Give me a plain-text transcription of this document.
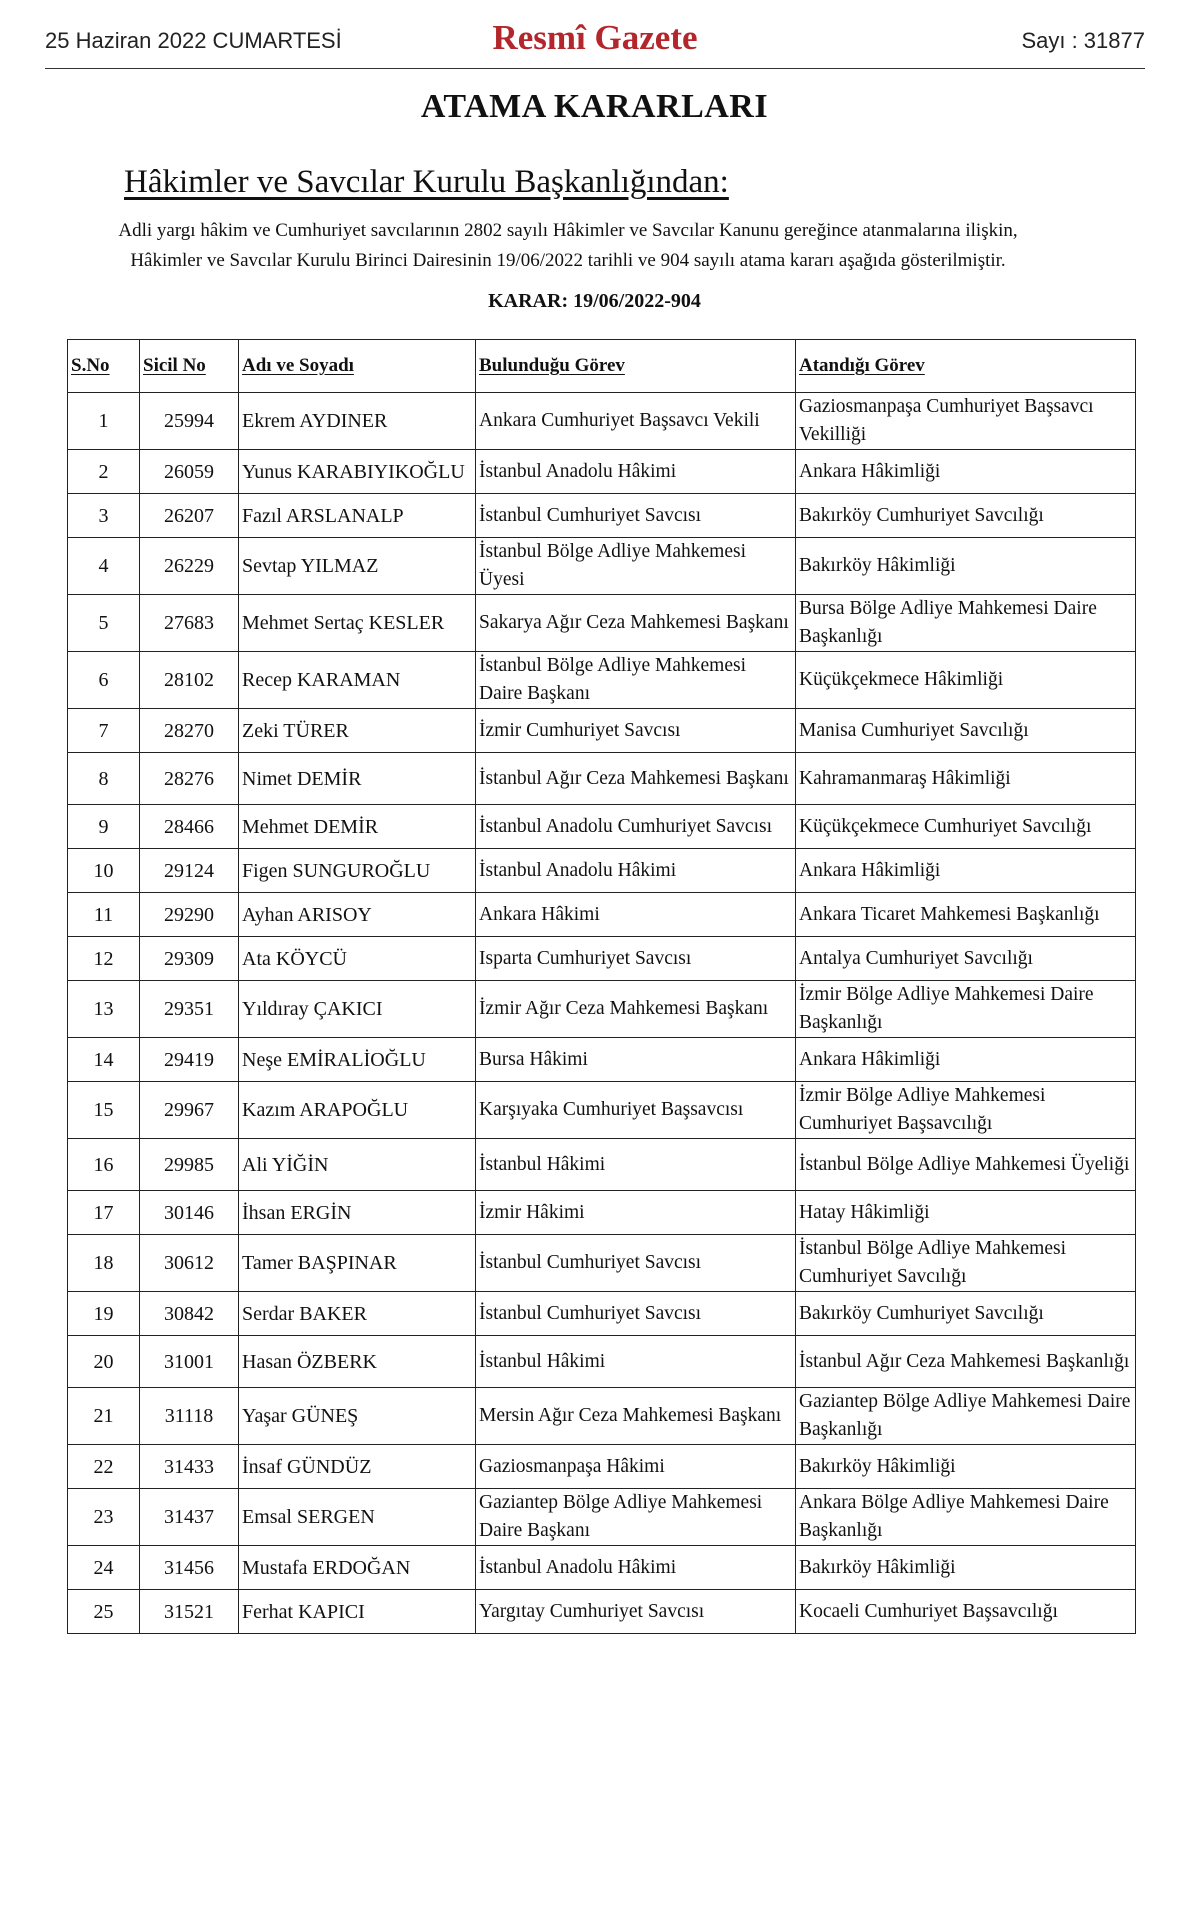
25 Haziran 2022 CUMARTESİ	Resmî Gazete	Sayı : 31877
ATAMA KARARLARI
Hâkimler ve Savcılar Kurulu Başkanlığından:
Adli yargı hâkim ve Cumhuriyet savcılarının 2802 sayılı Hâkimler ve Savcılar Kanunu gereğince atanmalarına ilişkin,
Hâkimler ve Savcılar Kurulu Birinci Dairesinin 19/06/2022 tarihli ve 904 sayılı atama kararı aşağıda gösterilmiştir.
KARAR: 19/06/2022-904
S.No	Sicil No	Adı ve Soyadı	Bulunduğu Görev	Atandığı Görev
1	25994	Ekrem AYDINER	Ankara Cumhuriyet Başsavcı Vekili	Gaziosmanpaşa Cumhuriyet Başsavcı Vekilliği
2	26059	Yunus KARABIYIKOĞLU	İstanbul Anadolu Hâkimi	Ankara Hâkimliği
3	26207	Fazıl ARSLANALP	İstanbul Cumhuriyet Savcısı	Bakırköy Cumhuriyet Savcılığı
4	26229	Sevtap YILMAZ	İstanbul Bölge Adliye Mahkemesi Üyesi	Bakırköy Hâkimliği
5	27683	Mehmet Sertaç KESLER	Sakarya Ağır Ceza Mahkemesi Başkanı	Bursa Bölge Adliye Mahkemesi Daire Başkanlığı
6	28102	Recep KARAMAN	İstanbul Bölge Adliye Mahkemesi Daire Başkanı	Küçükçekmece Hâkimliği
7	28270	Zeki TÜRER	İzmir Cumhuriyet Savcısı	Manisa Cumhuriyet Savcılığı
8	28276	Nimet DEMİR	İstanbul Ağır Ceza Mahkemesi Başkanı	Kahramanmaraş Hâkimliği
9	28466	Mehmet DEMİR	İstanbul Anadolu Cumhuriyet Savcısı	Küçükçekmece Cumhuriyet Savcılığı
10	29124	Figen SUNGUROĞLU	İstanbul Anadolu Hâkimi	Ankara Hâkimliği
11	29290	Ayhan ARISOY	Ankara Hâkimi	Ankara Ticaret Mahkemesi Başkanlığı
12	29309	Ata KÖYCÜ	Isparta Cumhuriyet Savcısı	Antalya Cumhuriyet Savcılığı
13	29351	Yıldıray ÇAKICI	İzmir Ağır Ceza Mahkemesi Başkanı	İzmir Bölge Adliye Mahkemesi Daire Başkanlığı
14	29419	Neşe EMİRALİOĞLU	Bursa Hâkimi	Ankara Hâkimliği
15	29967	Kazım ARAPOĞLU	Karşıyaka Cumhuriyet Başsavcısı	İzmir Bölge Adliye Mahkemesi Cumhuriyet Başsavcılığı
16	29985	Ali YİĞİN	İstanbul Hâkimi	İstanbul Bölge Adliye Mahkemesi Üyeliği
17	30146	İhsan ERGİN	İzmir Hâkimi	Hatay Hâkimliği
18	30612	Tamer BAŞPINAR	İstanbul Cumhuriyet Savcısı	İstanbul Bölge Adliye Mahkemesi Cumhuriyet Savcılığı
19	30842	Serdar BAKER	İstanbul Cumhuriyet Savcısı	Bakırköy Cumhuriyet Savcılığı
20	31001	Hasan ÖZBERK	İstanbul Hâkimi	İstanbul Ağır Ceza Mahkemesi Başkanlığı
21	31118	Yaşar GÜNEŞ	Mersin Ağır Ceza Mahkemesi Başkanı	Gaziantep Bölge Adliye Mahkemesi Daire Başkanlığı
22	31433	İnsaf GÜNDÜZ	Gaziosmanpaşa Hâkimi	Bakırköy Hâkimliği
23	31437	Emsal SERGEN	Gaziantep Bölge Adliye Mahkemesi Daire Başkanı	Ankara Bölge Adliye Mahkemesi Daire Başkanlığı
24	31456	Mustafa ERDOĞAN	İstanbul Anadolu Hâkimi	Bakırköy Hâkimliği
25	31521	Ferhat KAPICI	Yargıtay Cumhuriyet Savcısı	Kocaeli Cumhuriyet Başsavcılığı
